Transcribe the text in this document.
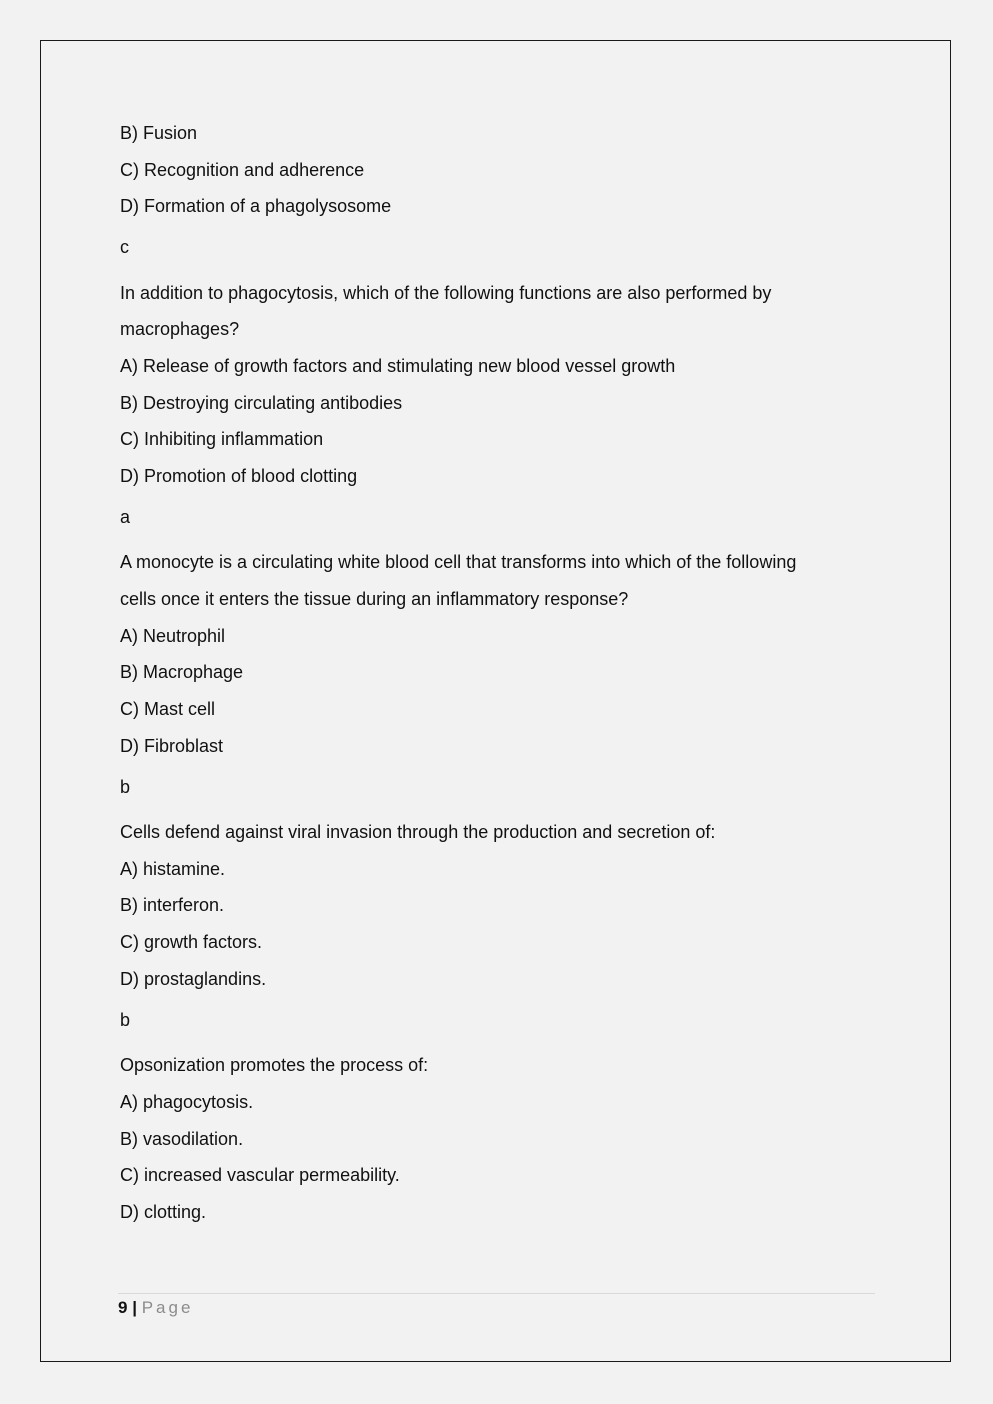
B) Fusion
C) Recognition and adherence
D) Formation of a phagolysosome
c
In addition to phagocytosis, which of the following functions are also performed by
macrophages?
A) Release of growth factors and stimulating new blood vessel growth
B) Destroying circulating antibodies
C) Inhibiting inflammation
D) Promotion of blood clotting
a
A monocyte is a circulating white blood cell that transforms into which of the following
cells once it enters the tissue during an inflammatory response?
A) Neutrophil
B) Macrophage
C) Mast cell
D) Fibroblast
b
Cells defend against viral invasion through the production and secretion of:
A) histamine.
B) interferon.
C) growth factors.
D) prostaglandins.
b
Opsonization promotes the process of:
A) phagocytosis.
B) vasodilation.
C) increased vascular permeability.
D) clotting.
9 | Page
